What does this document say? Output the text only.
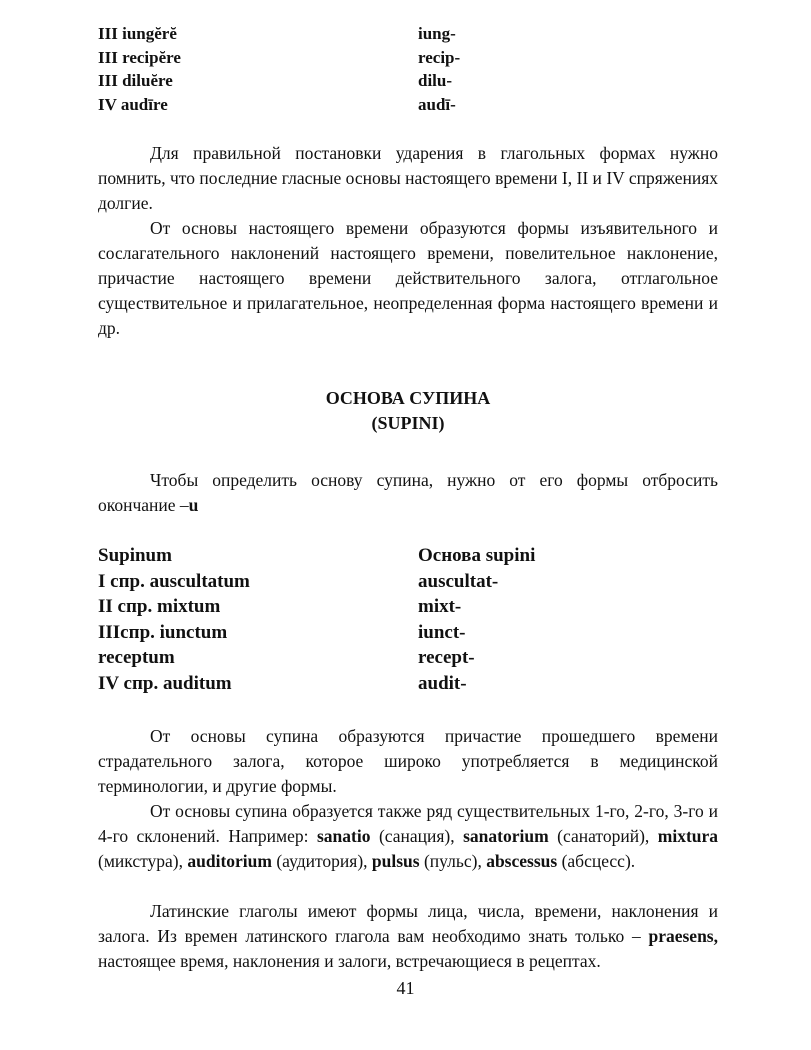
III iungĕrĕ	iung-
III recipĕre	recip-
III diluĕre	dilu-
IV audīre	audī-

Для правильной постановки ударения в глагольных формах нужно помнить, что последние гласные основы настоящего времени I, II и IV спряжениях долгие.

От основы настоящего времени образуются формы изъявительного и сослагательного наклонений настоящего времени, повелительное наклонение, причастие настоящего времени действительного залога, отглагольное существительное и прилагательное, неопределенная форма настоящего времени и др.

ОСНОВА СУПИНА

(SUPINI)

Чтобы определить основу супина, нужно от его формы отбросить окончание –u

Supinum	Основа supini
I спр. auscultatum	auscultat-
II спр. mixtum	mixt-
IIIспр. iunctum	iunct-
receptum	recept-
IV спр. auditum	audit-

От основы супина образуются причастие прошедшего времени страдательного залога, которое широко употребляется в медицинской терминологии, и другие формы.

От основы супина образуется также ряд существительных 1-го, 2-го, 3-го и 4-го склонений. Например: sanatio (санация), sanatorium (санаторий), mixtura (микстура), auditorium (аудитория), pulsus (пульс), abscessus (абсцесс).

Латинские глаголы имеют формы лица, числа, времени, наклонения и залога. Из времен латинского глагола вам необходимо знать только – praesens, настоящее время, наклонения и залоги, встречающиеся в рецептах.

41
